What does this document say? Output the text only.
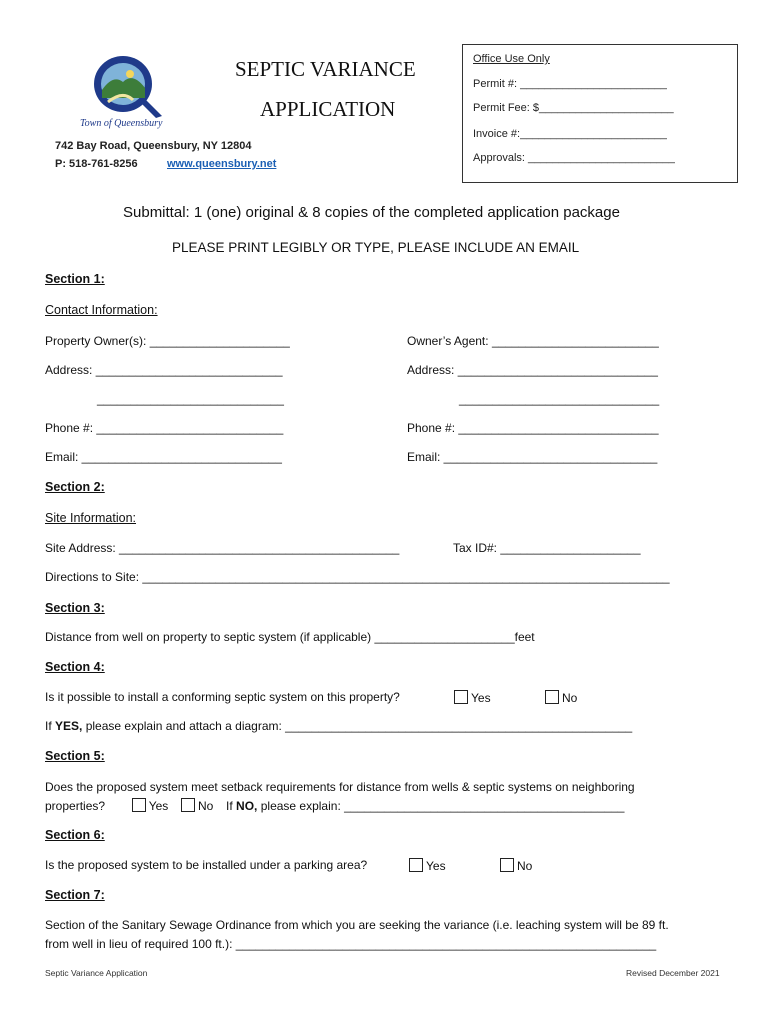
Town of Queensbury
742 Bay Road, Queensbury, NY 12804
P: 518-761-8256	www.queensbury.net
SEPTIC VARIANCE
APPLICATION
Office Use Only
Permit #: ________________________
Permit Fee: $______________________
Invoice #:________________________
Approvals: ________________________
Submittal: 1 (one) original & 8 copies of the completed application package
PLEASE PRINT LEGIBLY OR TYPE, PLEASE INCLUDE AN EMAIL
Section 1:
Contact Information:
Property Owner(s): _____________________	Owner’s Agent: _________________________
Address: ____________________________	Address: ______________________________
____________________________	______________________________
Phone #: ____________________________	Phone #: ______________________________
Email: ______________________________	Email: ________________________________
Section 2:
Site Information:
Site Address: __________________________________________	Tax ID#: _____________________
Directions to Site: _______________________________________________________________________________
Section 3:
Distance from well on property to septic system (if applicable) _____________________feet
Section 4:
Is it possible to install a conforming septic system on this property?	Yes	No
If YES, please explain and attach a diagram: ____________________________________________________
Section 5:
Does the proposed system meet setback requirements for distance from wells & septic systems on neighboring
properties?	Yes No If NO, please explain: __________________________________________
Section 6:
Is the proposed system to be installed under a parking area?	Yes	No
Section 7:
Section of the Sanitary Sewage Ordinance from which you are seeking the variance (i.e. leaching system will be 89 ft.
from well in lieu of required 100 ft.): _______________________________________________________________
Septic Variance Application	Revised December 2021
